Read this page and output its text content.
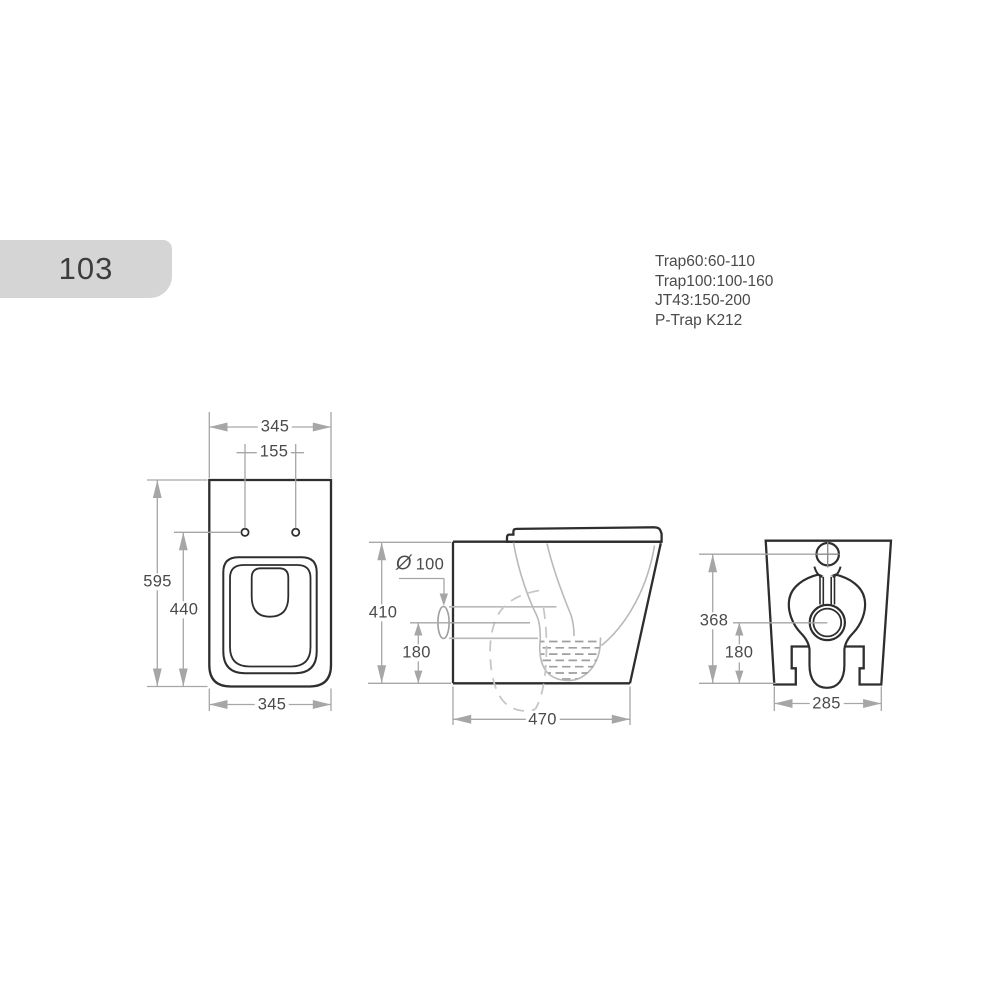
103	Trap60:60-110
Trap100:100-160
JT43:150-200
P-Trap K212
345
155
595
440
345
Ø 100
410
180
470
368
180
285
